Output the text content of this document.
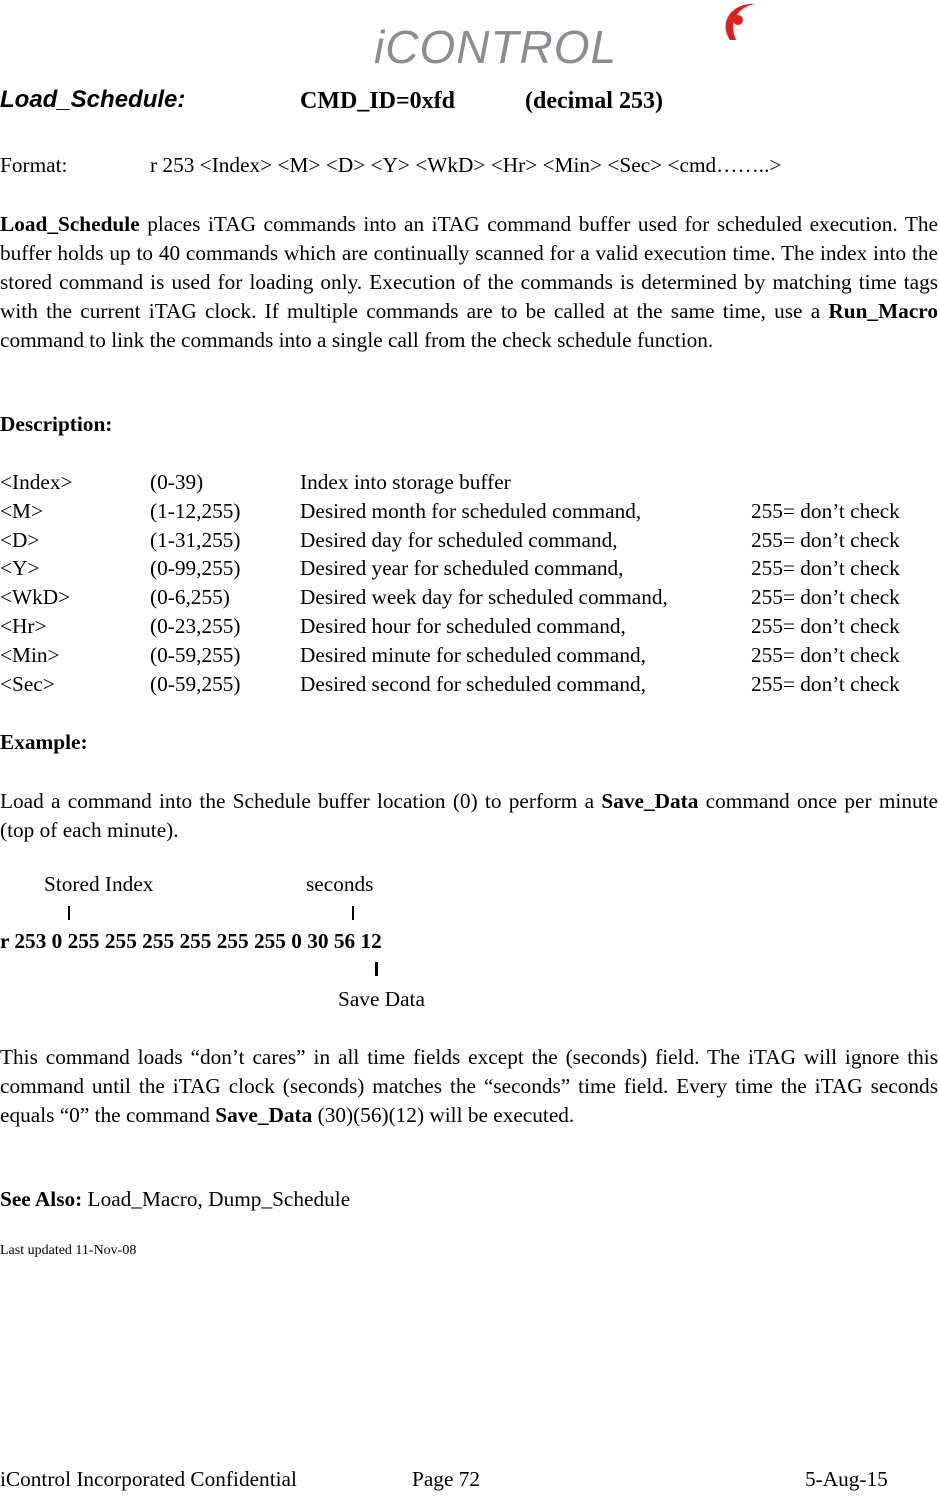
iCONTROL
Load_Schedule:	CMD_ID=0xfd	(decimal 253)
Format:	r 253 <Index> <M> <D> <Y> <WkD> <Hr> <Min> <Sec> <cmd……..>
Load_Schedule places iTAG commands into an iTAG command buffer used for scheduled execution. The buffer holds up to 40 commands which are continually scanned for a valid execution time. The index into the stored command is used for loading only. Execution of the commands is determined by matching time tags with the current iTAG clock. If multiple commands are to be called at the same time, use a Run_Macro command to link the commands into a single call from the check schedule function.
Description:
<Index>	(0-39)	Index into storage buffer
<M>	(1-12,255)	Desired month for scheduled command,	255= don’t check
<D>	(1-31,255)	Desired day for scheduled command,	255= don’t check
<Y>	(0-99,255)	Desired year for scheduled command,	255= don’t check
<WkD>	(0-6,255)	Desired week day for scheduled command,	255= don’t check
<Hr>	(0-23,255)	Desired hour for scheduled command,	255= don’t check
<Min>	(0-59,255)	Desired minute for scheduled command,	255= don’t check
<Sec>	(0-59,255)	Desired second for scheduled command,	255= don’t check
Example:
Load a command into the Schedule buffer location (0) to perform a Save_Data command once per minute (top of each minute).
Stored Index	seconds
r 253 0 255 255 255 255 255 255 0 30 56 12
Save Data
This command loads “don’t cares” in all time fields except the (seconds) field. The iTAG will ignore this command until the iTAG clock (seconds) matches the “seconds” time field. Every time the iTAG seconds equals “0” the command Save_Data (30)(56)(12) will be executed.
See Also: Load_Macro, Dump_Schedule
Last updated 11-Nov-08
iControl Incorporated Confidential	Page 72	5-Aug-15
